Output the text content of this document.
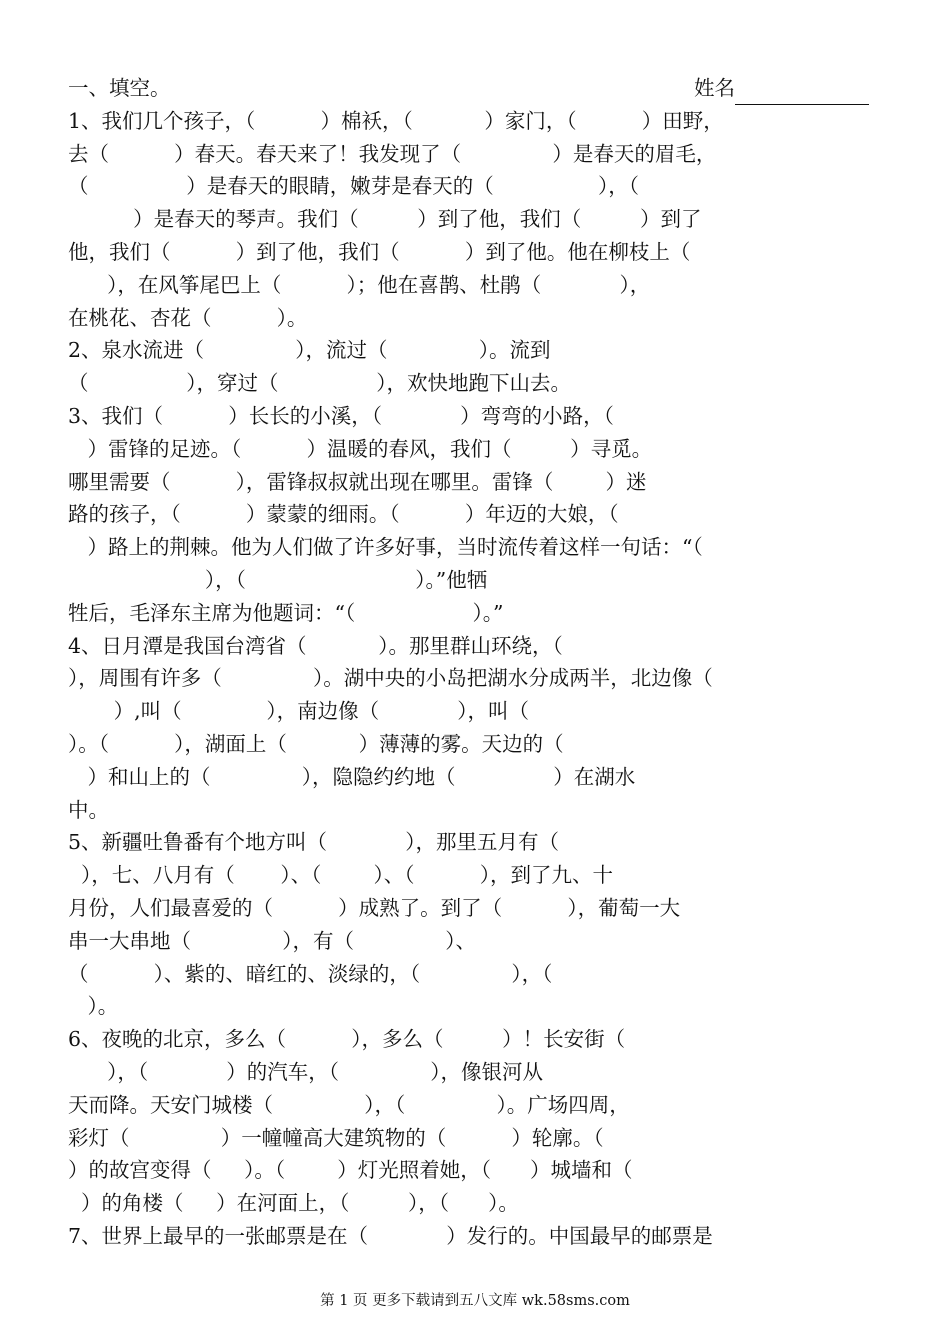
一、填空。	姓名
1、我们几个孩子，（          ）棉袄，（           ）家门，（          ）田野，
去（          ）春天。春天来了！我发现了（              ）是春天的眉毛，
（               ）是春天的眼睛，嫩芽是春天的（                ），（
）是春天的琴声。我们（         ）到了他，我们（         ）到了
他，我们（          ）到了他，我们（          ）到了他。他在柳枝上（
），在风筝尾巴上（          ）；他在喜鹊、杜鹃（            ），
在桃花、杏花（          ）。
2、泉水流进（              ），流过（              ）。流到
（               ），穿过（               ），欢快地跑下山去。
3、我们（          ）长长的小溪，（            ）弯弯的小路，（
）雷锋的足迹。（          ）温暖的春风，我们（         ）寻觅。
哪里需要（          ），雷锋叔叔就出现在哪里。雷锋（        ）迷
路的孩子，（          ）蒙蒙的细雨。（          ）年迈的大娘，（
）路上的荆棘。他为人们做了许多好事，当时流传着这样一句话：“（
），（                          ）。”他牺
牲后，毛泽东主席为他题词：“（                  ）。”
4、日月潭是我国台湾省（           ）。那里群山环绕，（
），周围有许多（              ）。湖中央的小岛把湖水分成两半，北边像（
）,叫（             ），南边像（            ），叫（
）。（          ），湖面上（           ）薄薄的雾。天边的（
）和山上的（              ），隐隐约约地（               ）在湖水
中。
5、新疆吐鲁番有个地方叫（            ），那里五月有（
），七、八月有（       ）、（        ）、（          ），到了九、十
月份，人们最喜爱的（          ）成熟了。到了（          ），葡萄一大
串一大串地（              ），有（              ）、
（          ）、紫的、暗红的、淡绿的，（              ），（
）。
6、夜晚的北京，多么（          ），多么（         ）！长安街（
），（            ）的汽车，（              ），像银河从
天而降。天安门城楼（              ），（              ）。广场四周，
彩灯（              ）一幢幢高大建筑物的（          ）轮廓。（
）的故宫变得（     ）。（        ）灯光照着她，（      ）城墙和（
）的角楼（     ）在河面上，（         ），（      ）。
7、世界上最早的一张邮票是在（            ）发行的。中国最早的邮票是
第 1 页 更多下载请到五八文库 wk.58sms.com
